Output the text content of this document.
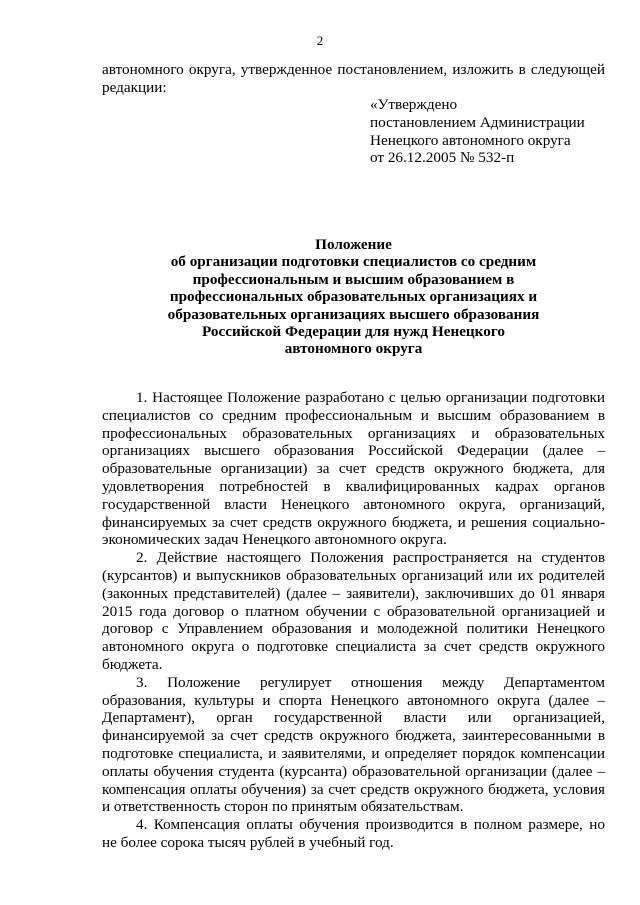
2
автономного округа, утвержденное постановлением, изложить в следующей
редакции:
«Утверждено
постановлением Администрации
Ненецкого автономного округа
от 26.12.2005 № 532-п
Положение
об организации подготовки специалистов со средним
профессиональным и высшим образованием в
профессиональных образовательных организациях и
образовательных организациях высшего образования
Российской Федерации для нужд Ненецкого
автономного округа
1. Настоящее Положение разработано с целью организации подготовки
специалистов со средним профессиональным и высшим образованием в
профессиональных образовательных организациях и образовательных
организациях высшего образования Российской Федерации (далее –
образовательные организации) за счет средств окружного бюджета, для
удовлетворения потребностей в квалифицированных кадрах органов
государственной власти Ненецкого автономного округа, организаций,
финансируемых за счет средств окружного бюджета, и решения социально-
экономических задач Ненецкого автономного округа.
2. Действие настоящего Положения распространяется на студентов
(курсантов) и выпускников образовательных организаций или их родителей
(законных представителей) (далее – заявители), заключивших до 01 января
2015 года договор о платном обучении с образовательной организацией и
договор с Управлением образования и молодежной политики Ненецкого
автономного округа о подготовке специалиста за счет средств окружного
бюджета.
3. Положение регулирует отношения между Департаментом
образования, культуры и спорта Ненецкого автономного округа (далее –
Департамент), орган государственной власти или организацией,
финансируемой за счет средств окружного бюджета, заинтересованными в
подготовке специалиста, и заявителями, и определяет порядок компенсации
оплаты обучения студента (курсанта) образовательной организации (далее –
компенсация оплаты обучения) за счет средств окружного бюджета, условия
и ответственность сторон по принятым обязательствам.
4. Компенсация оплаты обучения производится в полном размере, но
не более сорока тысяч рублей в учебный год.
